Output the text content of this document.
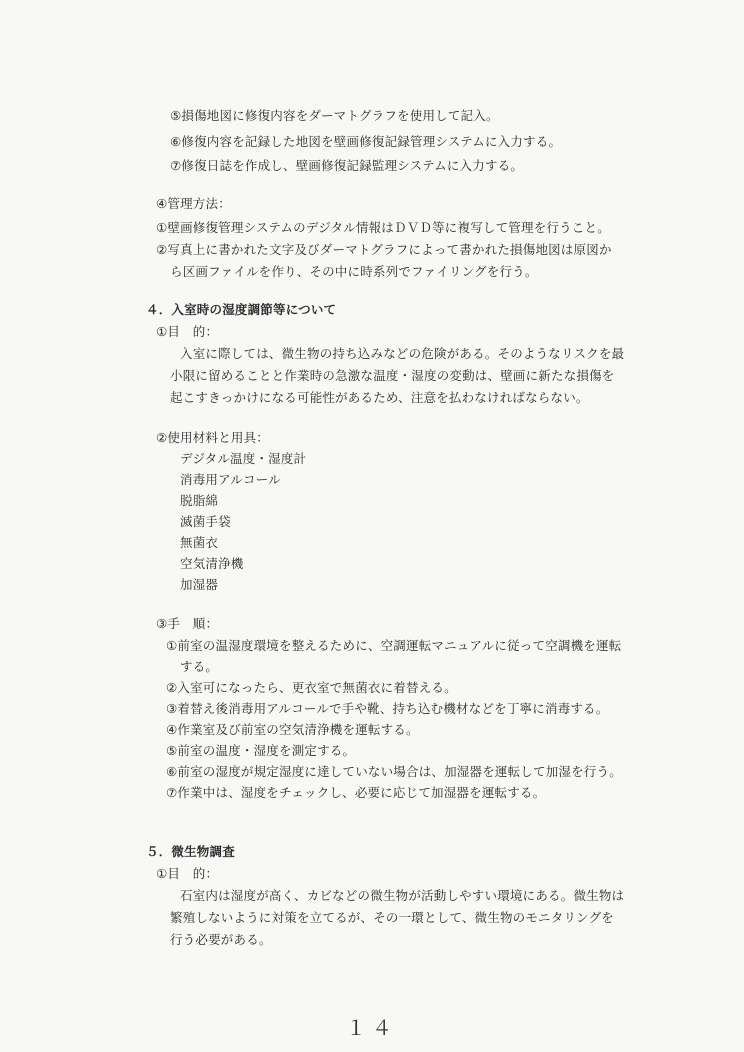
⑤損傷地図に修復内容をダーマトグラフを使用して記入。
⑥修復内容を記録した地図を壁画修復記録管理システムに入力する。
⑦修復日誌を作成し、壁画修復記録監理システムに入力する。
④管理方法：
①壁画修復管理システムのデジタル情報はＤＶＤ等に複写して管理を行うこと。
②写真上に書かれた文字及びダーマトグラフによって書かれた損傷地図は原図か
ら区画ファイルを作り、その中に時系列でファイリングを行う。
４．入室時の湿度調節等について
①目　的：
入室に際しては、微生物の持ち込みなどの危険がある。そのようなリスクを最
小限に留めることと作業時の急激な温度・湿度の変動は、壁画に新たな損傷を
起こすきっかけになる可能性があるため、注意を払わなければならない。
②使用材料と用具：
デジタル温度・湿度計
消毒用アルコール
脱脂綿
滅菌手袋
無菌衣
空気清浄機
加湿器
③手　順：
①前室の温湿度環境を整えるために、空調運転マニュアルに従って空調機を運転
する。
②入室可になったら、更衣室で無菌衣に着替える。
③着替え後消毒用アルコールで手や靴、持ち込む機材などを丁寧に消毒する。
④作業室及び前室の空気清浄機を運転する。
⑤前室の温度・湿度を測定する。
⑥前室の湿度が規定湿度に達していない場合は、加湿器を運転して加湿を行う。
⑦作業中は、湿度をチェックし、必要に応じて加湿器を運転する。
５．微生物調査
①目　的：
石室内は湿度が高く、カビなどの微生物が活動しやすい環境にある。微生物は
繁殖しないように対策を立てるが、その一環として、微生物のモニタリングを
行う必要がある。
１４
